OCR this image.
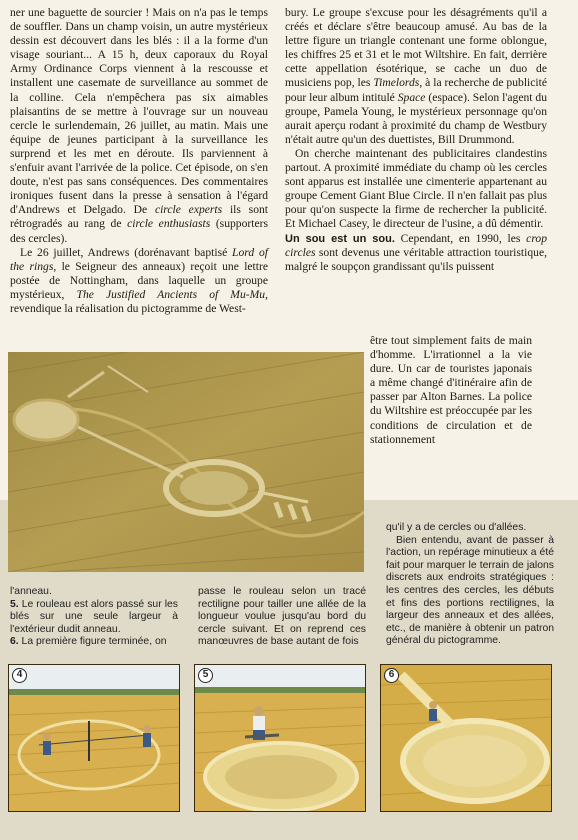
ner une baguette de sourcier ! Mais on n'a pas le temps de souffler. Dans un champ voisin, un autre mystérieux dessin est découvert dans les blés : il a la forme d'un visage souriant... A 15 h, deux caporaux du Royal Army Ordinance Corps viennent à la rescousse et installent une casemate de surveillance au sommet de la colline. Cela n'empêchera pas six aimables plaisantins de se mettre à l'ouvrage sur un nouveau cercle le surlendemain, 26 juillet, au matin. Mais une équipe de jeunes participant à la surveillance les surprend et les met en déroute. Ils parviennent à s'enfuir avant l'arrivée de la police. Cet épisode, on s'en doute, n'est pas sans conséquences. Des commentaires ironiques fusent dans la presse à sensation à l'égard d'Andrews et Delgado. De circle experts ils sont rétrogradés au rang de circle enthusiasts (supporters des cercles).

Le 26 juillet, Andrews (dorénavant baptisé Lord of the rings, le Seigneur des anneaux) reçoit une lettre postée de Nottingham, dans laquelle un groupe mystérieux, The Justified Ancients of Mu-Mu, revendique la réalisation du pictogramme de West-

bury. Le groupe s'excuse pour les désagréments qu'il a créés et déclare s'être beaucoup amusé. Au bas de la lettre figure un triangle contenant une forme oblongue, les chiffres 25 et 31 et le mot Wiltshire. En fait, derrière cette appellation ésotérique, se cache un duo de musiciens pop, les Timelords, à la recherche de publicité pour leur album intitulé Space (espace). Selon l'agent du groupe, Pamela Young, le mystérieux personnage qu'on aurait aperçu rodant à proximité du champ de Westbury n'était autre qu'un des duettistes, Bill Drummond.

On cherche maintenant des publicitaires clandestins partout. A proximité immédiate du champ où les cercles sont apparus est installée une cimenterie appartenant au groupe Cement Giant Blue Circle. Il n'en fallait pas plus pour qu'on suspecte la firme de rechercher la publicité. Et Michael Casey, le directeur de l'usine, a dû démentir.

Un sou est un sou. Cependant, en 1990, les crop circles sont devenus une véritable attraction touristique, malgré le soupçon grandissant qu'ils puissent

être tout simplement faits de main d'homme. L'irrationnel a la vie dure. Un car de touristes japonais a même changé d'itinéraire afin de passer par Alton Barnes. La police du Wiltshire est préoccupée par les conditions de circulation et de stationnement

l'anneau.

5. Le rouleau est alors passé sur les blés sur une seule largeur à l'extérieur dudit anneau.

6. La première figure terminée, on

passe le rouleau selon un tracé rectiligne pour tailler une allée de la longueur voulue jusqu'au bord du cercle suivant. Et on reprend ces manœuvres de base autant de fois

qu'il y a de cercles ou d'allées.

Bien entendu, avant de passer à l'action, un repérage minutieux a été fait pour marquer le terrain de jalons discrets aux endroits stratégiques : les centres des cercles, les débuts et fins des portions rectilignes, la largeur des anneaux et des allées, etc., de manière à obtenir un patron général du pictogramme.

4	5	6
